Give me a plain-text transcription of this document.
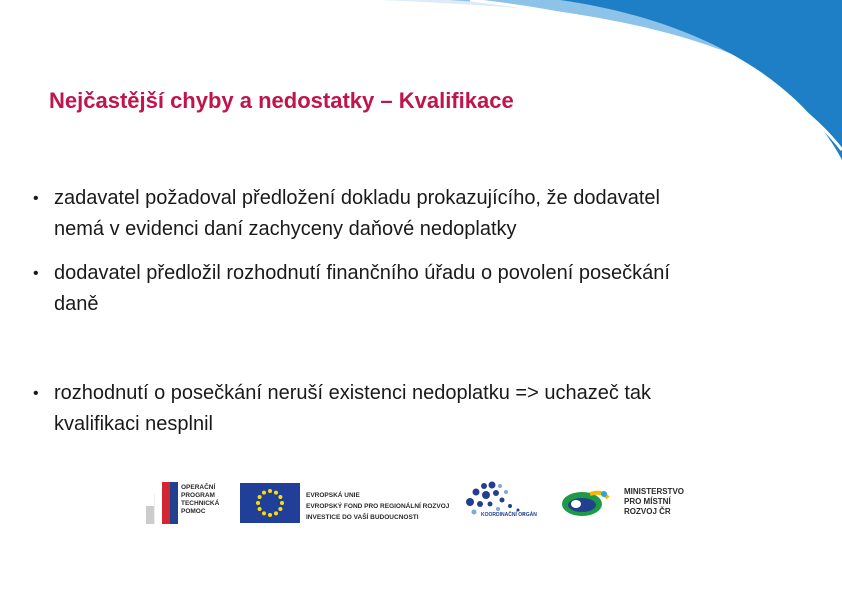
Nejčastější chyby a nedostatky – Kvalifikace
• zadavatel požadoval předložení dokladu prokazujícího, že dodavatel
nemá v evidenci daní zachyceny daňové nedoplatky
• dodavatel předložil rozhodnutí finančního úřadu o povolení posečkání
daně
• rozhodnutí o posečkání neruší existenci nedoplatku => uchazeč tak
kvalifikaci nesplnil
OPERAČNÍ
PROGRAM
TECHNICKÁ
POMOC
EVROPSKÁ UNIE
EVROPSKÝ FOND PRO REGIONÁLNÍ ROZVOJ
INVESTICE DO VAŠÍ BUDOUCNOSTI	KOORDINAČNÍ ORGÁN
MINISTERSTVO
PRO MÍSTNÍ
ROZVOJ ČR
